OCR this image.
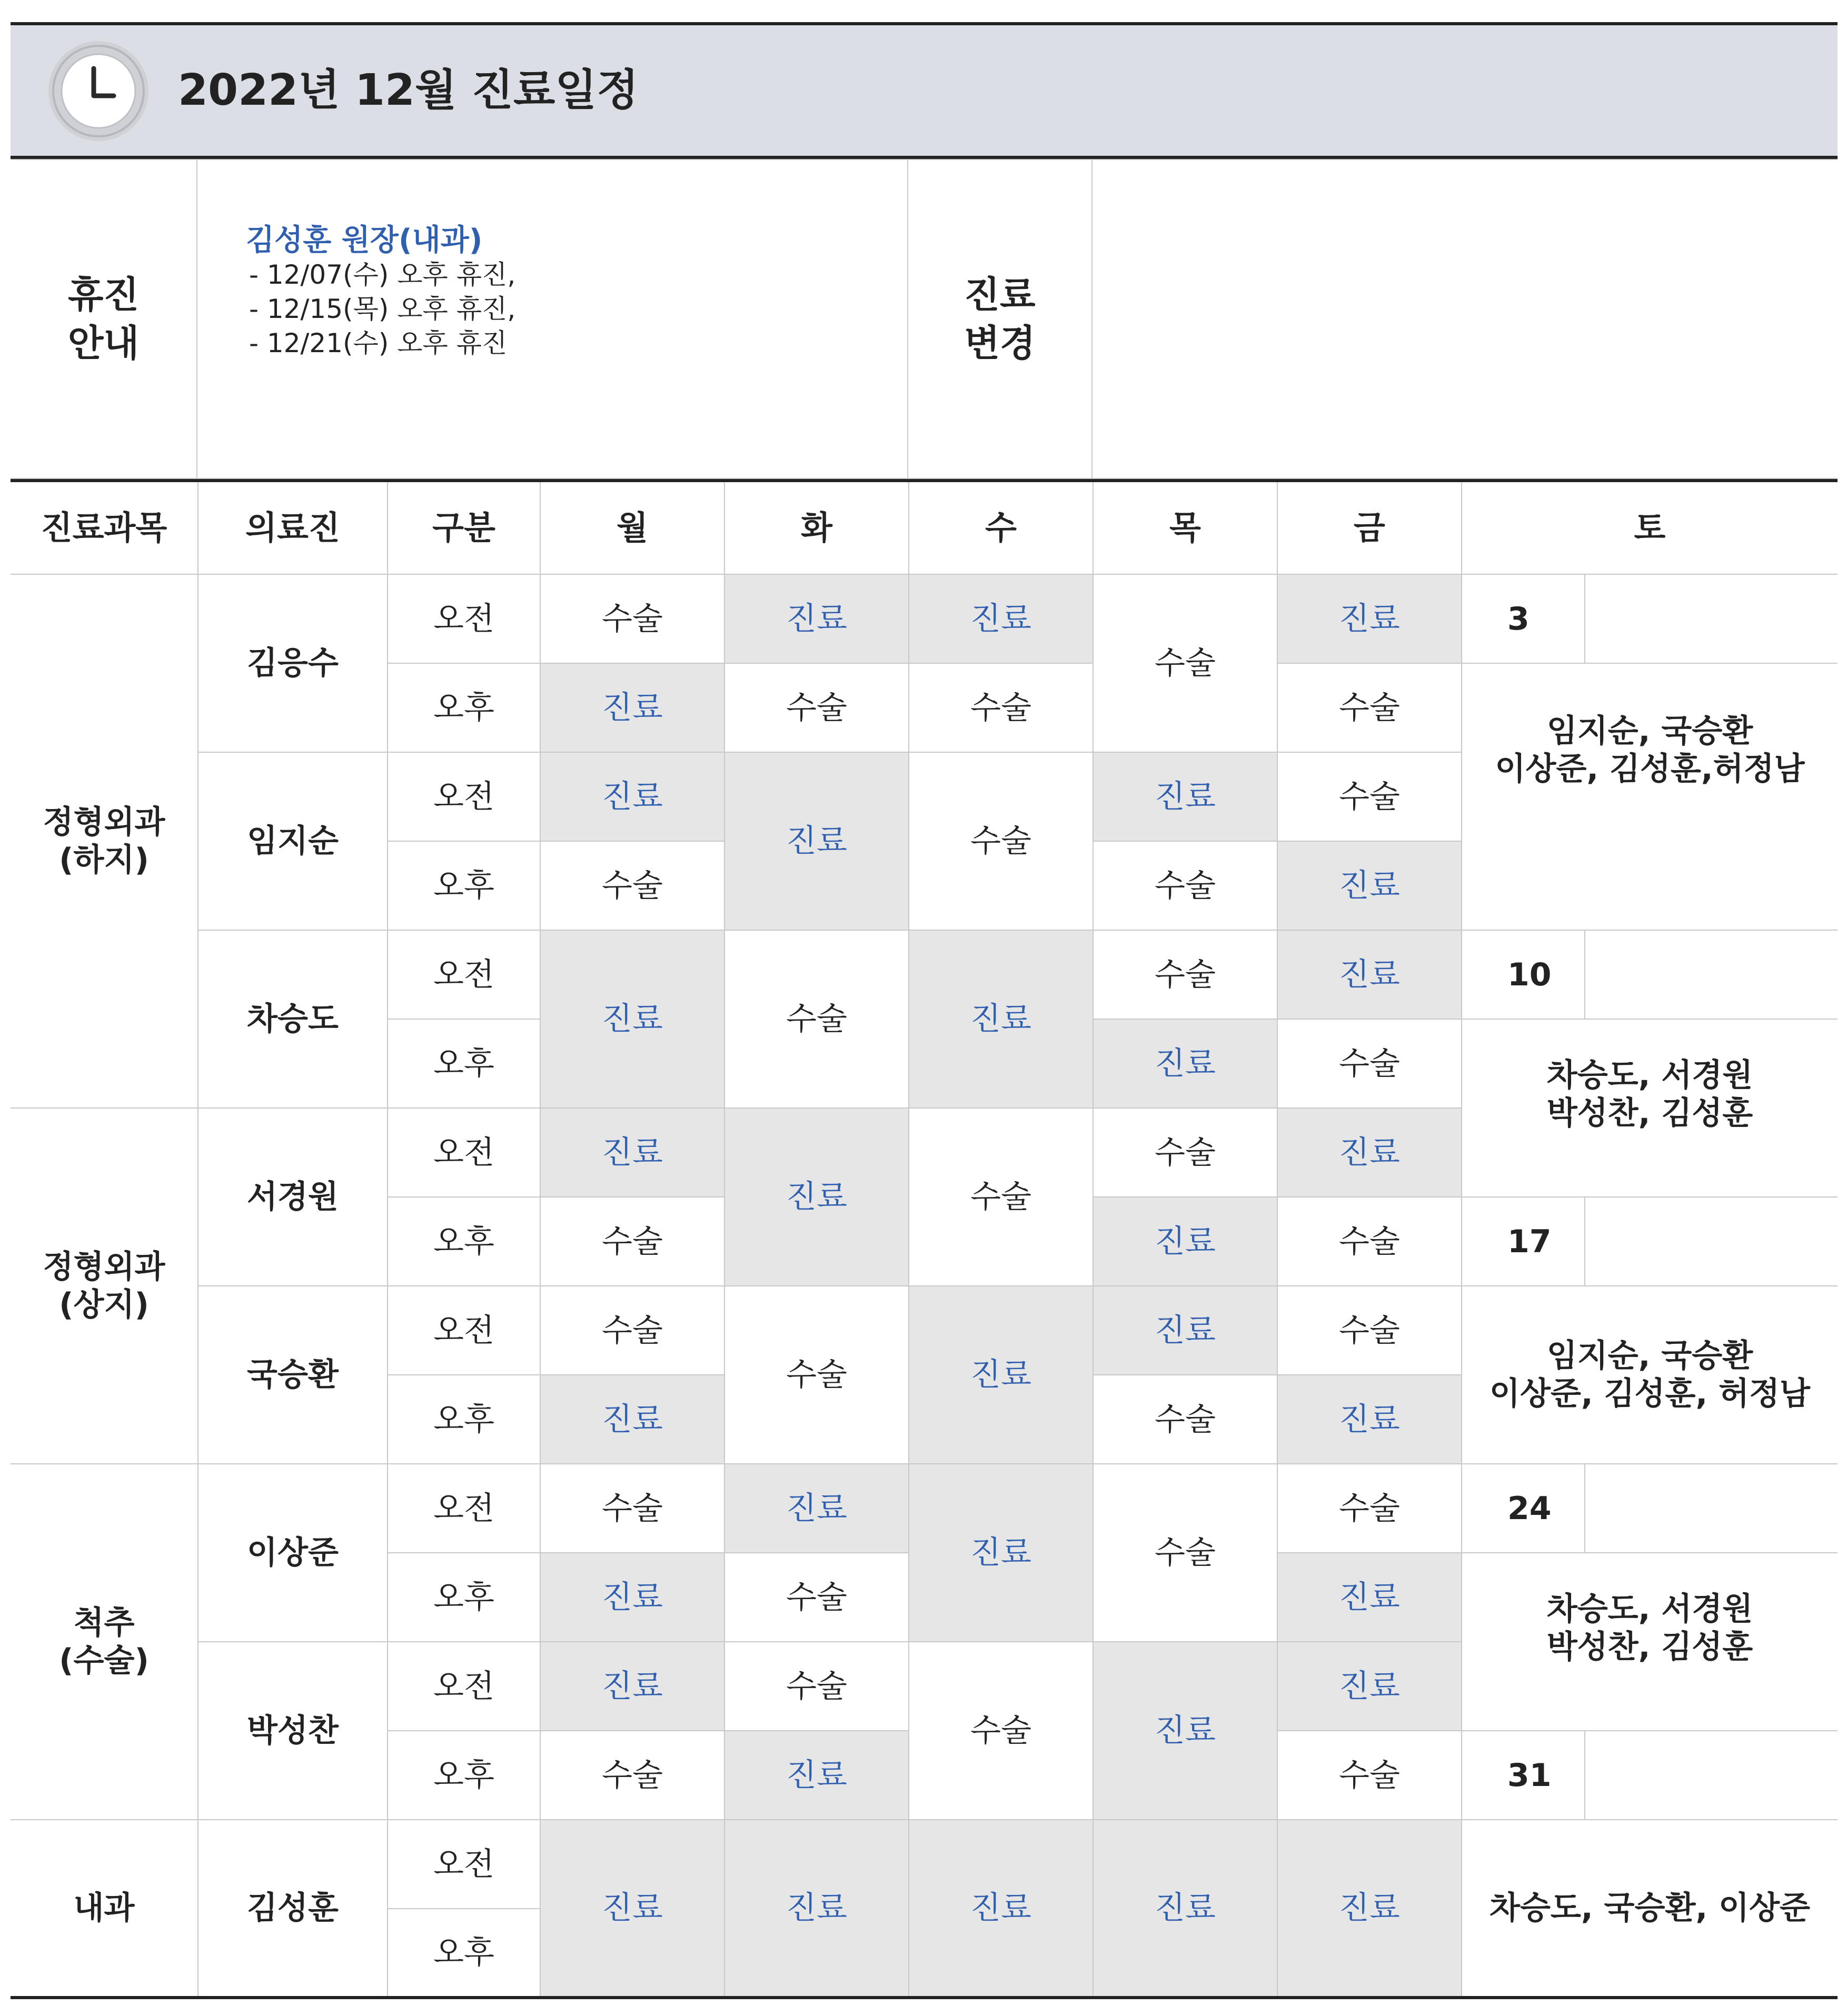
2022년 12월 진료일정
휴진
안내	
김성훈 원장(내과)
- 12/07(수) 오후 휴진,
- 12/15(목) 오후 휴진,
- 12/21(수) 오후 휴진
	진료
변경	
진료과목	의료진	구분	월	화	수	목	금	토	
정형외과
(하지)	김응수	오전	수술	진료	진료	수술	진료	3	
		오후	진료	수술	수술		수술	임지순, 국승환
이상준, 김성훈,허정남	
	임지순	오전	진료	진료	수술	진료	수술		
		오후	수술			수술	진료		
	차승도	오전	진료	수술	진료	수술	진료	10	
		오후				진료	수술	차승도, 서경원
박성찬, 김성훈	
정형외과
(상지)	서경원	오전	진료	진료	수술	수술	진료		
		오후	수술			진료	수술	17	
	국승환	오전	수술	수술	진료	진료	수술	임지순, 국승환
이상준, 김성훈, 허정남	
		오후	진료			수술	진료		
척추
(수술)	이상준	오전	수술	진료	진료	수술	수술	24	
		오후	진료	수술			진료	차승도, 서경원
박성찬, 김성훈	
	박성찬	오전	진료	수술	수술	진료	진료		
		오후	수술	진료			수술	31	
내과	김성훈	오전	진료	진료	진료	진료	진료	차승도, 국승환, 이상준	
		오후							
